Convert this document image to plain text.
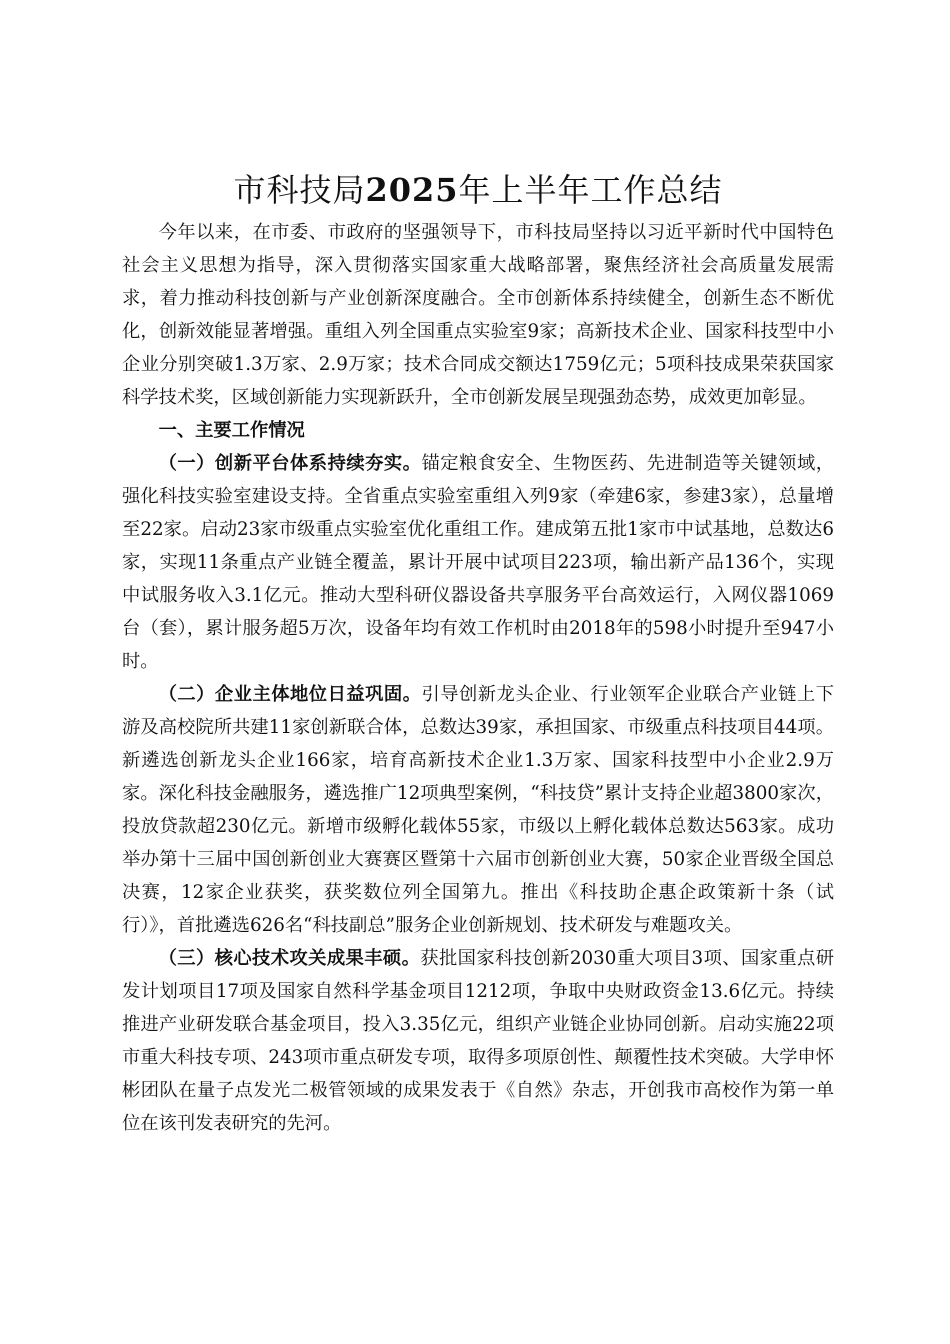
市科技局2025年上半年工作总结

今年以来，在市委、市政府的坚强领导下，市科技局坚持以习近平新时代中国特色社会主义思想为指导，深入贯彻落实国家重大战略部署，聚焦经济社会高质量发展需求，着力推动科技创新与产业创新深度融合。全市创新体系持续健全，创新生态不断优化，创新效能显著增强。重组入列全国重点实验室9家；高新技术企业、国家科技型中小企业分别突破1.3万家、2.9万家；技术合同成交额达1759亿元；5项科技成果荣获国家科学技术奖，区域创新能力实现新跃升，全市创新发展呈现强劲态势，成效更加彰显。

一、主要工作情况

（一）创新平台体系持续夯实。锚定粮食安全、生物医药、先进制造等关键领域，强化科技实验室建设支持。全省重点实验室重组入列9家（牵建6家，参建3家），总量增至22家。启动23家市级重点实验室优化重组工作。建成第五批1家市中试基地，总数达6家，实现11条重点产业链全覆盖，累计开展中试项目223项，输出新产品136个，实现中试服务收入3.1亿元。推动大型科研仪器设备共享服务平台高效运行，入网仪器1069台（套），累计服务超5万次，设备年均有效工作机时由2018年的598小时提升至947小时。

（二）企业主体地位日益巩固。引导创新龙头企业、行业领军企业联合产业链上下游及高校院所共建11家创新联合体，总数达39家，承担国家、市级重点科技项目44项。新遴选创新龙头企业166家，培育高新技术企业1.3万家、国家科技型中小企业2.9万家。深化科技金融服务，遴选推广12项典型案例，“科技贷”累计支持企业超3800家次，投放贷款超230亿元。新增市级孵化载体55家，市级以上孵化载体总数达563家。成功举办第十三届中国创新创业大赛赛区暨第十六届市创新创业大赛，50家企业晋级全国总决赛，12家企业获奖，获奖数位列全国第九。推出《科技助企惠企政策新十条（试行）》，首批遴选626名“科技副总”服务企业创新规划、技术研发与难题攻关。

（三）核心技术攻关成果丰硕。获批国家科技创新2030重大项目3项、国家重点研发计划项目17项及国家自然科学基金项目1212项，争取中央财政资金13.6亿元。持续推进产业研发联合基金项目，投入3.35亿元，组织产业链企业协同创新。启动实施22项市重大科技专项、243项市重点研发专项，取得多项原创性、颠覆性技术突破。大学申怀彬团队在量子点发光二极管领域的成果发表于《自然》杂志，开创我市高校作为第一单位在该刊发表研究的先河。
